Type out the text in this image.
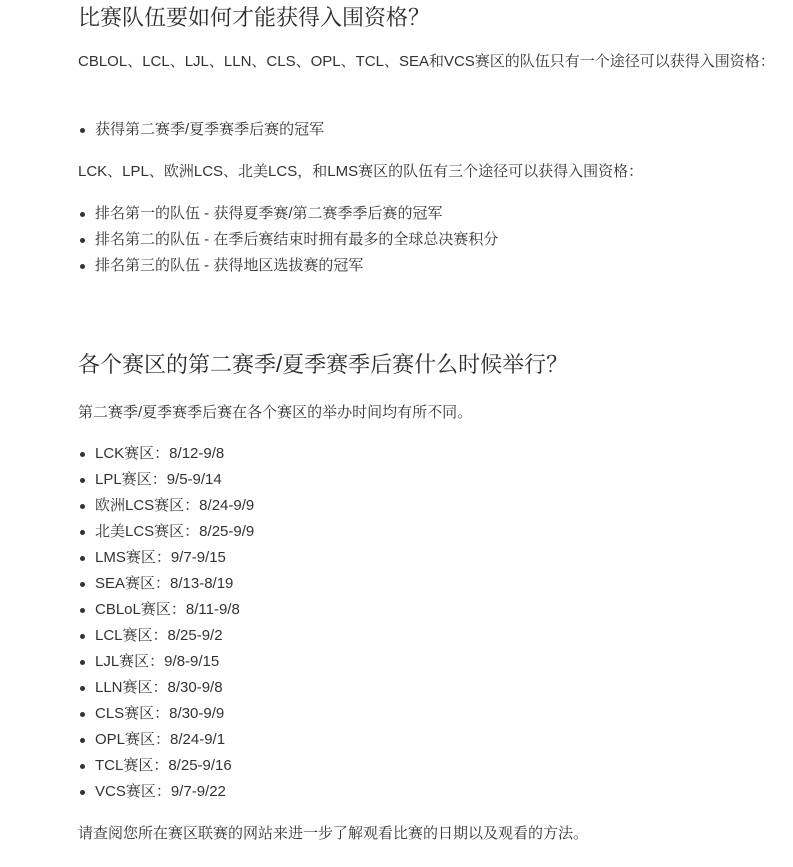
比赛队伍要如何才能获得入围资格？

CBLOL、LCL、LJL、LLN、CLS、OPL、TCL、SEA和VCS赛区的队伍只有一个途径可以获得入围资格：

获得第二赛季/夏季赛季后赛的冠军

LCK、LPL、欧洲LCS、北美LCS，和LMS赛区的队伍有三个途径可以获得入围资格：

排名第一的队伍 - 获得夏季赛/第二赛季季后赛的冠军
排名第二的队伍 - 在季后赛结束时拥有最多的全球总决赛积分
排名第三的队伍 - 获得地区选拔赛的冠军
各个赛区的第二赛季/夏季赛季后赛什么时候举行？

第二赛季/夏季赛季后赛在各个赛区的举办时间均有所不同。

LCK赛区：8/12-9/8
LPL赛区：9/5-9/14
欧洲LCS赛区：8/24-9/9
北美LCS赛区：8/25-9/9
LMS赛区：9/7-9/15
SEA赛区：8/13-8/19
CBLoL赛区：8/11-9/8
LCL赛区：8/25-9/2
LJL赛区：9/8-9/15
LLN赛区：8/30-9/8
CLS赛区：8/30-9/9
OPL赛区：8/24-9/1
TCL赛区：8/25-9/16
VCS赛区：9/7-9/22

请查阅您所在赛区联赛的网站来进一步了解观看比赛的日期以及观看的方法。
